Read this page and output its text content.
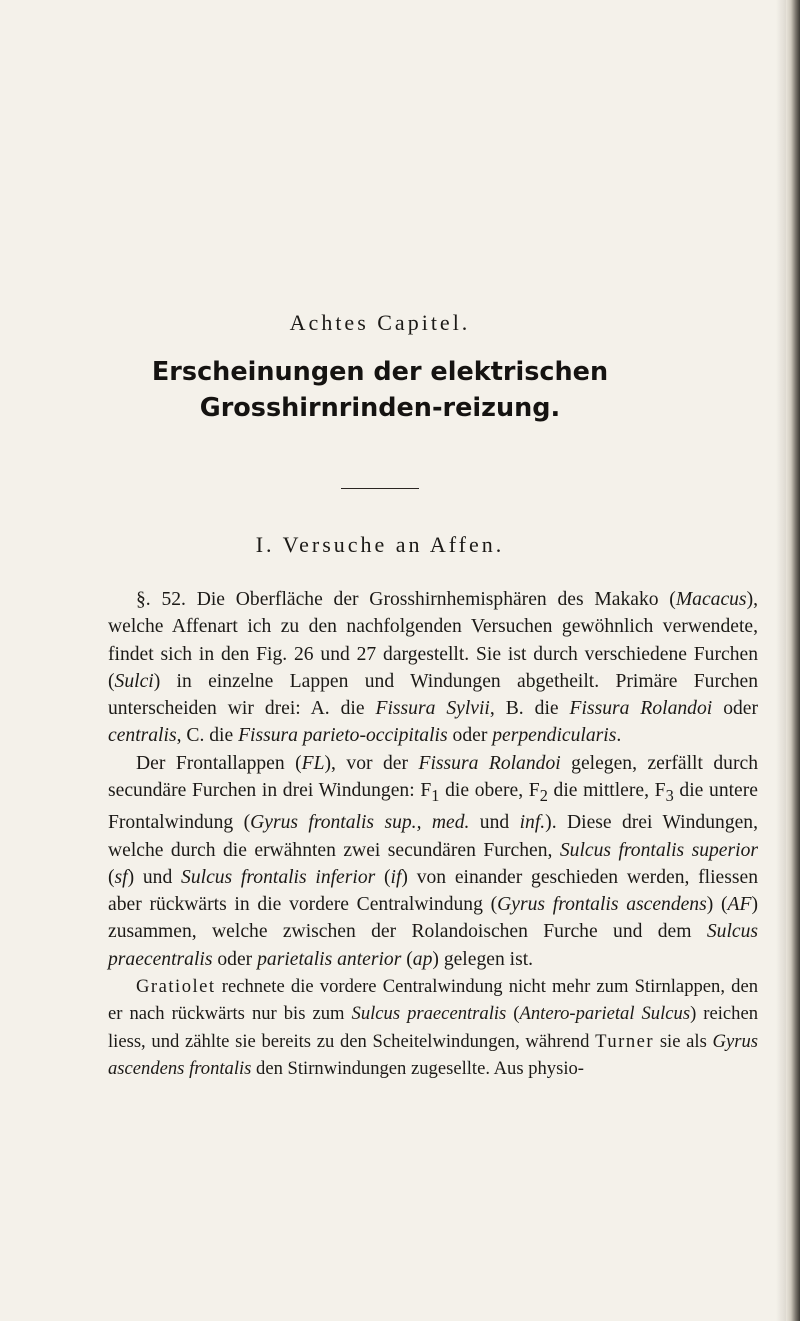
Achtes Capitel.
Erscheinungen der elektrischen Grosshirnrinden-reizung.
I. Versuche an Affen.

§. 52. Die Oberfläche der Grosshirnhemisphären des Makako (Macacus), welche Affenart ich zu den nachfolgenden Versuchen gewöhnlich verwendete, findet sich in den Fig. 26 und 27 dargestellt. Sie ist durch verschiedene Furchen (Sulci) in einzelne Lappen und Windungen abgetheilt. Primäre Furchen unterscheiden wir drei: A. die Fissura Sylvii, B. die Fissura Rolandoi oder centralis, C. die Fissura parieto-occipitalis oder perpendicularis.

Der Frontallappen (FL), vor der Fissura Rolandoi gelegen, zerfällt durch secundäre Furchen in drei Windungen: $F_1$ die obere, $F_2$ die mittlere, $F_3$ die untere Frontalwindung (Gyrus frontalis sup., med. und inf.). Diese drei Windungen, welche durch die erwähnten zwei secundären Furchen, Sulcus frontalis superior (sf) und Sulcus frontalis inferior (if) von einander geschieden werden, fliessen aber rückwärts in die vordere Centralwindung (Gyrus frontalis ascendens) (AF) zusammen, welche zwischen der Rolandoischen Furche und dem Sulcus praecentralis oder parietalis anterior (ap) gelegen ist.

Gratiolet rechnete die vordere Centralwindung nicht mehr zum Stirnlappen, den er nach rückwärts nur bis zum Sulcus praecentralis (Antero-parietal Sulcus) reichen liess, und zählte sie bereits zu den Scheitelwindungen, während Turner sie als Gyrus ascendens frontalis den Stirnwindungen zugesellte. Aus physio-
